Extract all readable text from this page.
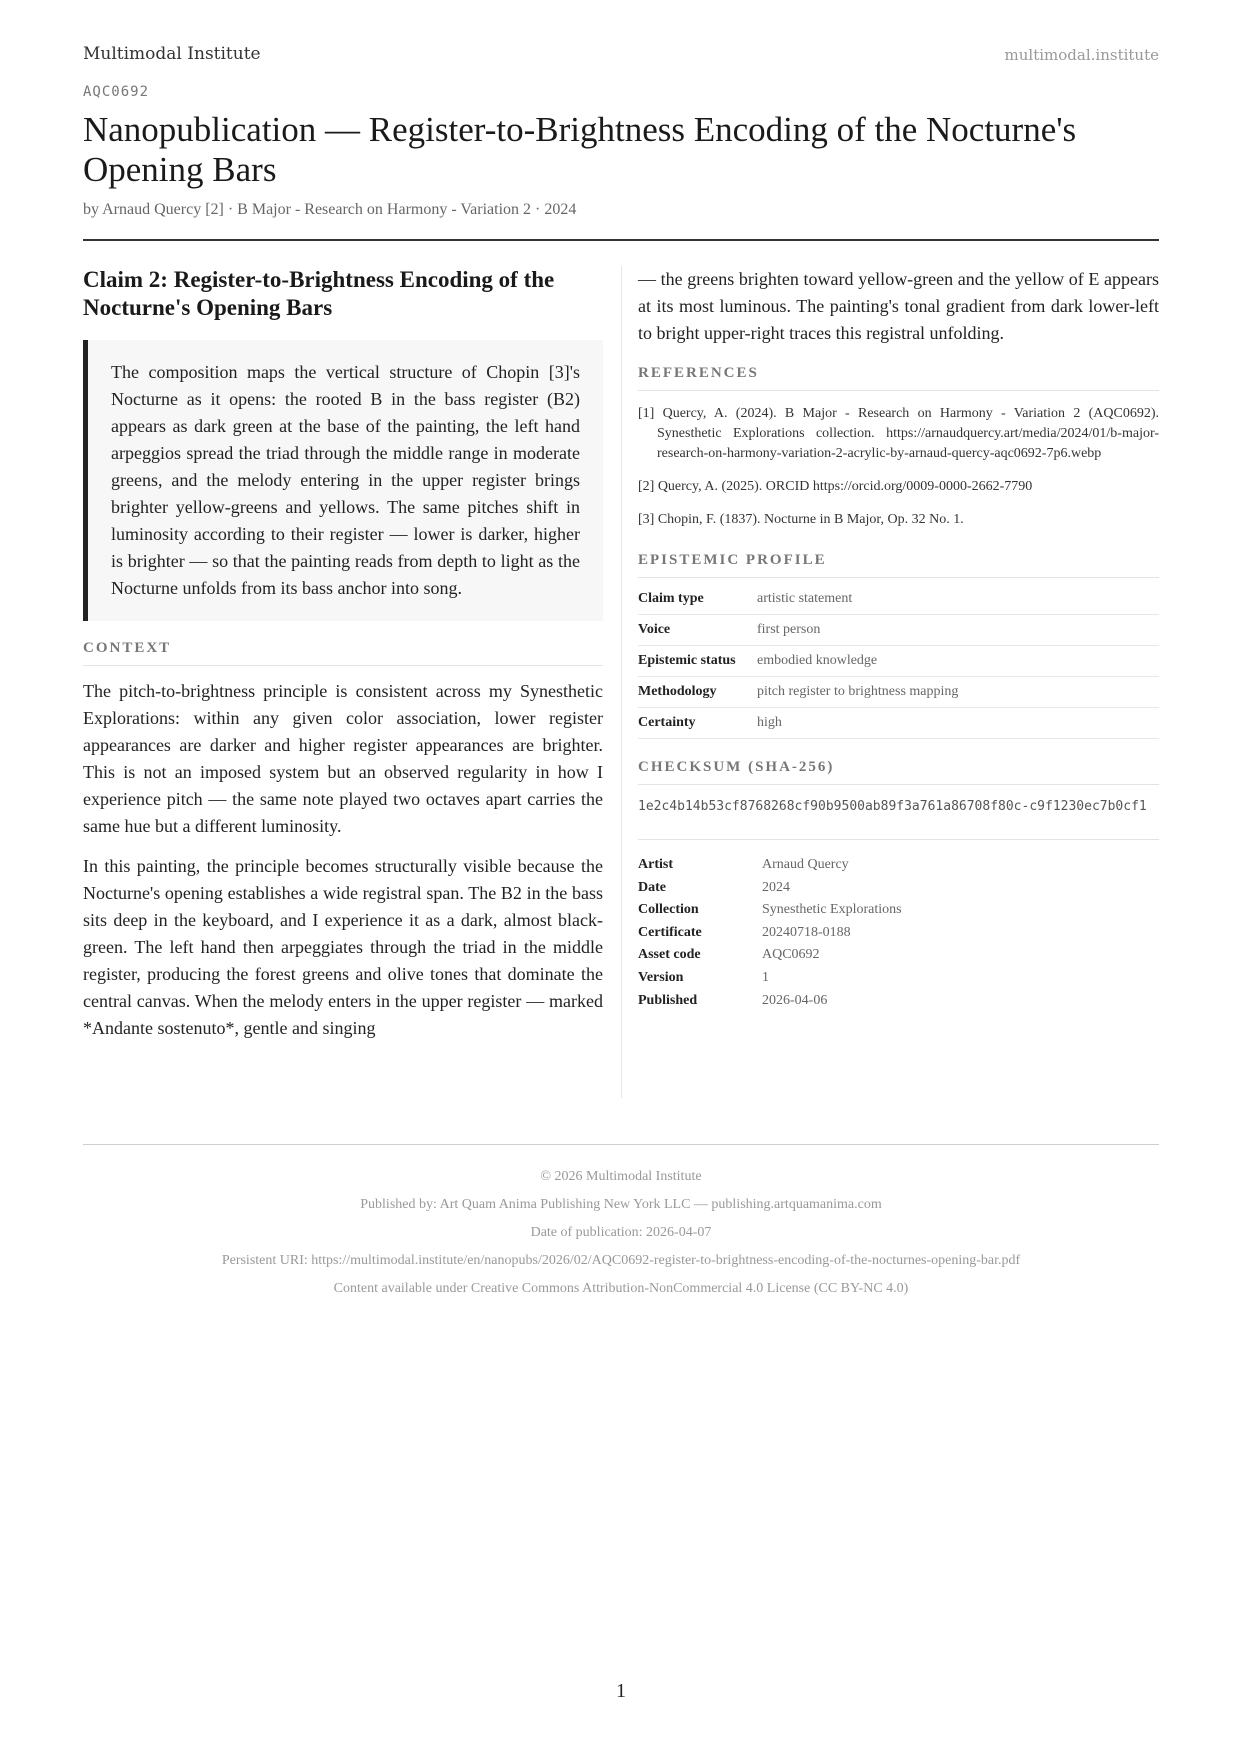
Multimodal Institute	multimodal.institute
AQC0692
Nanopublication — Register-to-Brightness Encoding of the Nocturne's Opening Bars
by Arnaud Quercy [2] · B Major - Research on Harmony - Variation 2 · 2024
Claim 2: Register-to-Brightness Encoding of the Nocturne's Opening Bars
The composition maps the vertical structure of Chopin [3]'s Nocturne as it opens: the rooted B in the bass register (B2) appears as dark green at the base of the painting, the left hand arpeggios spread the triad through the middle range in moderate greens, and the melody entering in the upper register brings brighter yellow-greens and yellows. The same pitches shift in luminosity according to their register — lower is darker, higher is brighter — so that the painting reads from depth to light as the Nocturne unfolds from its bass anchor into song.
CONTEXT

The pitch-to-brightness principle is consistent across my Synesthetic Explorations: within any given color association, lower register appearances are darker and higher register appearances are brighter. This is not an imposed system but an observed regularity in how I experience pitch — the same note played two octaves apart carries the same hue but a different luminosity.

In this painting, the principle becomes structurally visible because the Nocturne's opening establishes a wide registral span. The B2 in the bass sits deep in the keyboard, and I experience it as a dark, almost black-green. The left hand then arpeggiates through the triad in the middle register, producing the forest greens and olive tones that dominate the central canvas. When the melody enters in the upper register — marked *Andante sostenuto*, gentle and singing

— the greens brighten toward yellow-green and the yellow of E appears at its most luminous. The painting's tonal gradient from dark lower-left to bright upper-right traces this registral unfolding.

REFERENCES
[1] Quercy, A. (2024). B Major - Research on Harmony - Variation 2 (AQC0692). Synesthetic Explorations collection. https://arnaudquercy.art/media/2024/01/b-major-research-on-harmony-variation-2-acrylic-by-arnaud-quercy-aqc0692-7p6.webp
[2] Quercy, A. (2025). ORCID https://orcid.org/0009-0000-2662-7790
[3] Chopin, F. (1837). Nocturne in B Major, Op. 32 No. 1.
EPISTEMIC PROFILE
Claim type	artistic statement
Voice	first person
Epistemic status	embodied knowledge
Methodology	pitch register to brightness mapping
Certainty	high
CHECKSUM (SHA-256)
1e2c4b14b53cf8768268cf90b9500ab89f3a761a86708f80c-c9f1230ec7b0cf1
Artist	Arnaud Quercy
Date	2024
Collection	Synesthetic Explorations
Certificate	20240718-0188
Asset code	AQC0692
Version	1
Published	2026-04-06
© 2026 Multimodal Institute
Published by: Art Quam Anima Publishing New York LLC — publishing.artquamanima.com
Date of publication: 2026-04-07
Persistent URI: https://multimodal.institute/en/nanopubs/2026/02/AQC0692-register-to-brightness-encoding-of-the-nocturnes-opening-bar.pdf
Content available under Creative Commons Attribution-NonCommercial 4.0 License (CC BY-NC 4.0)
1
